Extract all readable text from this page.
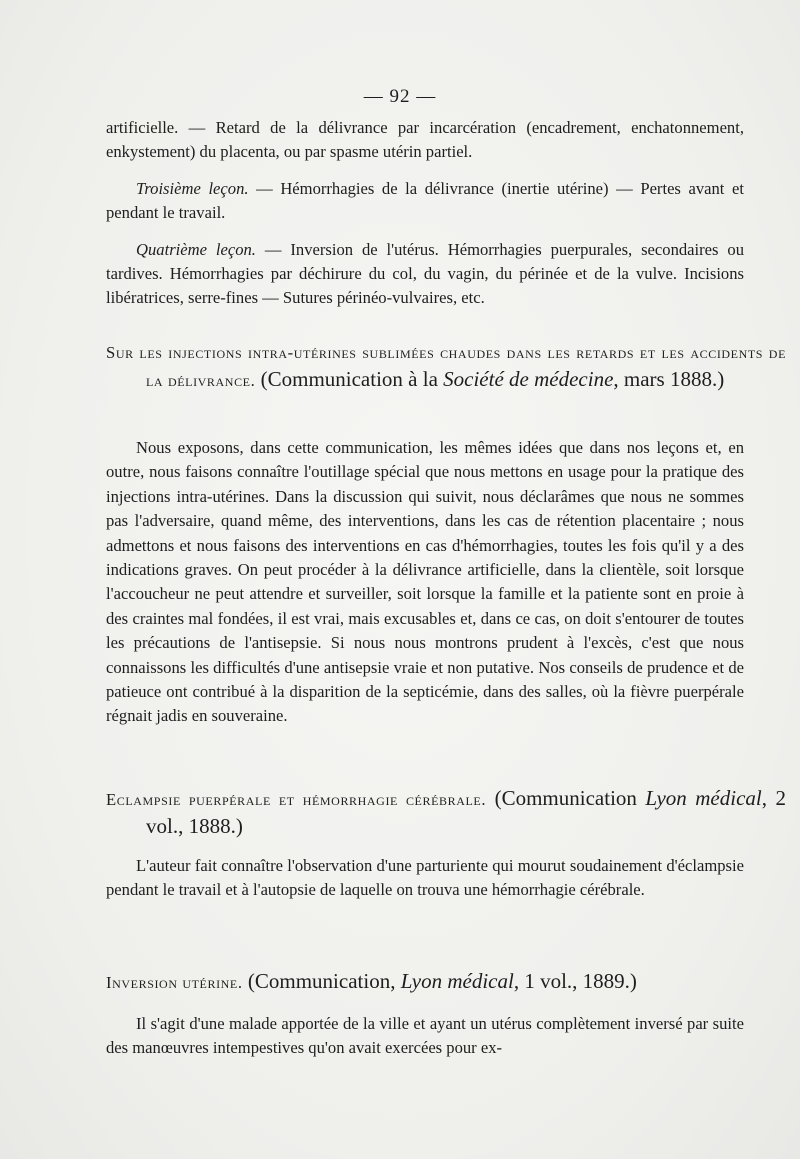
— 92 —

artificielle. — Retard de la délivrance par incarcération (encadrement, enchatonnement, enkystement) du placenta, ou par spasme utérin partiel.

Troisième leçon. — Hémorrhagies de la délivrance (inertie utérine) — Pertes avant et pendant le travail.

Quatrième leçon. — Inversion de l'utérus. Hémorrhagies puerpurales, secondaires ou tardives. Hémorrhagies par déchirure du col, du vagin, du périnée et de la vulve. Incisions libératrices, serre-fines — Sutures périnéo-vulvaires, etc.

Sur les injections intra-utérines sublimées chaudes dans les retards et les accidents de la délivrance. (Communication à la Société de médecine, mars 1888.)

Nous exposons, dans cette communication, les mêmes idées que dans nos leçons et, en outre, nous faisons connaître l'outillage spécial que nous mettons en usage pour la pratique des injections intra-utérines. Dans la discussion qui suivit, nous déclarâmes que nous ne sommes pas l'adversaire, quand même, des interventions, dans les cas de rétention placentaire ; nous admettons et nous faisons des interventions en cas d'hémorrhagies, toutes les fois qu'il y a des indications graves. On peut procéder à la délivrance artificielle, dans la clientèle, soit lorsque l'accoucheur ne peut attendre et surveiller, soit lorsque la famille et la patiente sont en proie à des craintes mal fondées, il est vrai, mais excusables et, dans ce cas, on doit s'entourer de toutes les précautions de l'antisepsie. Si nous nous montrons prudent à l'excès, c'est que nous connaissons les difficultés d'une antisepsie vraie et non putative. Nos conseils de prudence et de patieuce ont contribué à la disparition de la septicémie, dans des salles, où la fièvre puerpérale régnait jadis en souveraine.

Eclampsie puerpérale et hémorrhagie cérébrale. (Communication Lyon médical, 2 vol., 1888.)

L'auteur fait connaître l'observation d'une parturiente qui mourut soudainement d'éclampsie pendant le travail et à l'autopsie de laquelle on trouva une hémorrhagie cérébrale.

Inversion utérine. (Communication, Lyon médical, 1 vol., 1889.)

Il s'agit d'une malade apportée de la ville et ayant un utérus complètement inversé par suite des manœuvres intempestives qu'on avait exercées pour ex-
